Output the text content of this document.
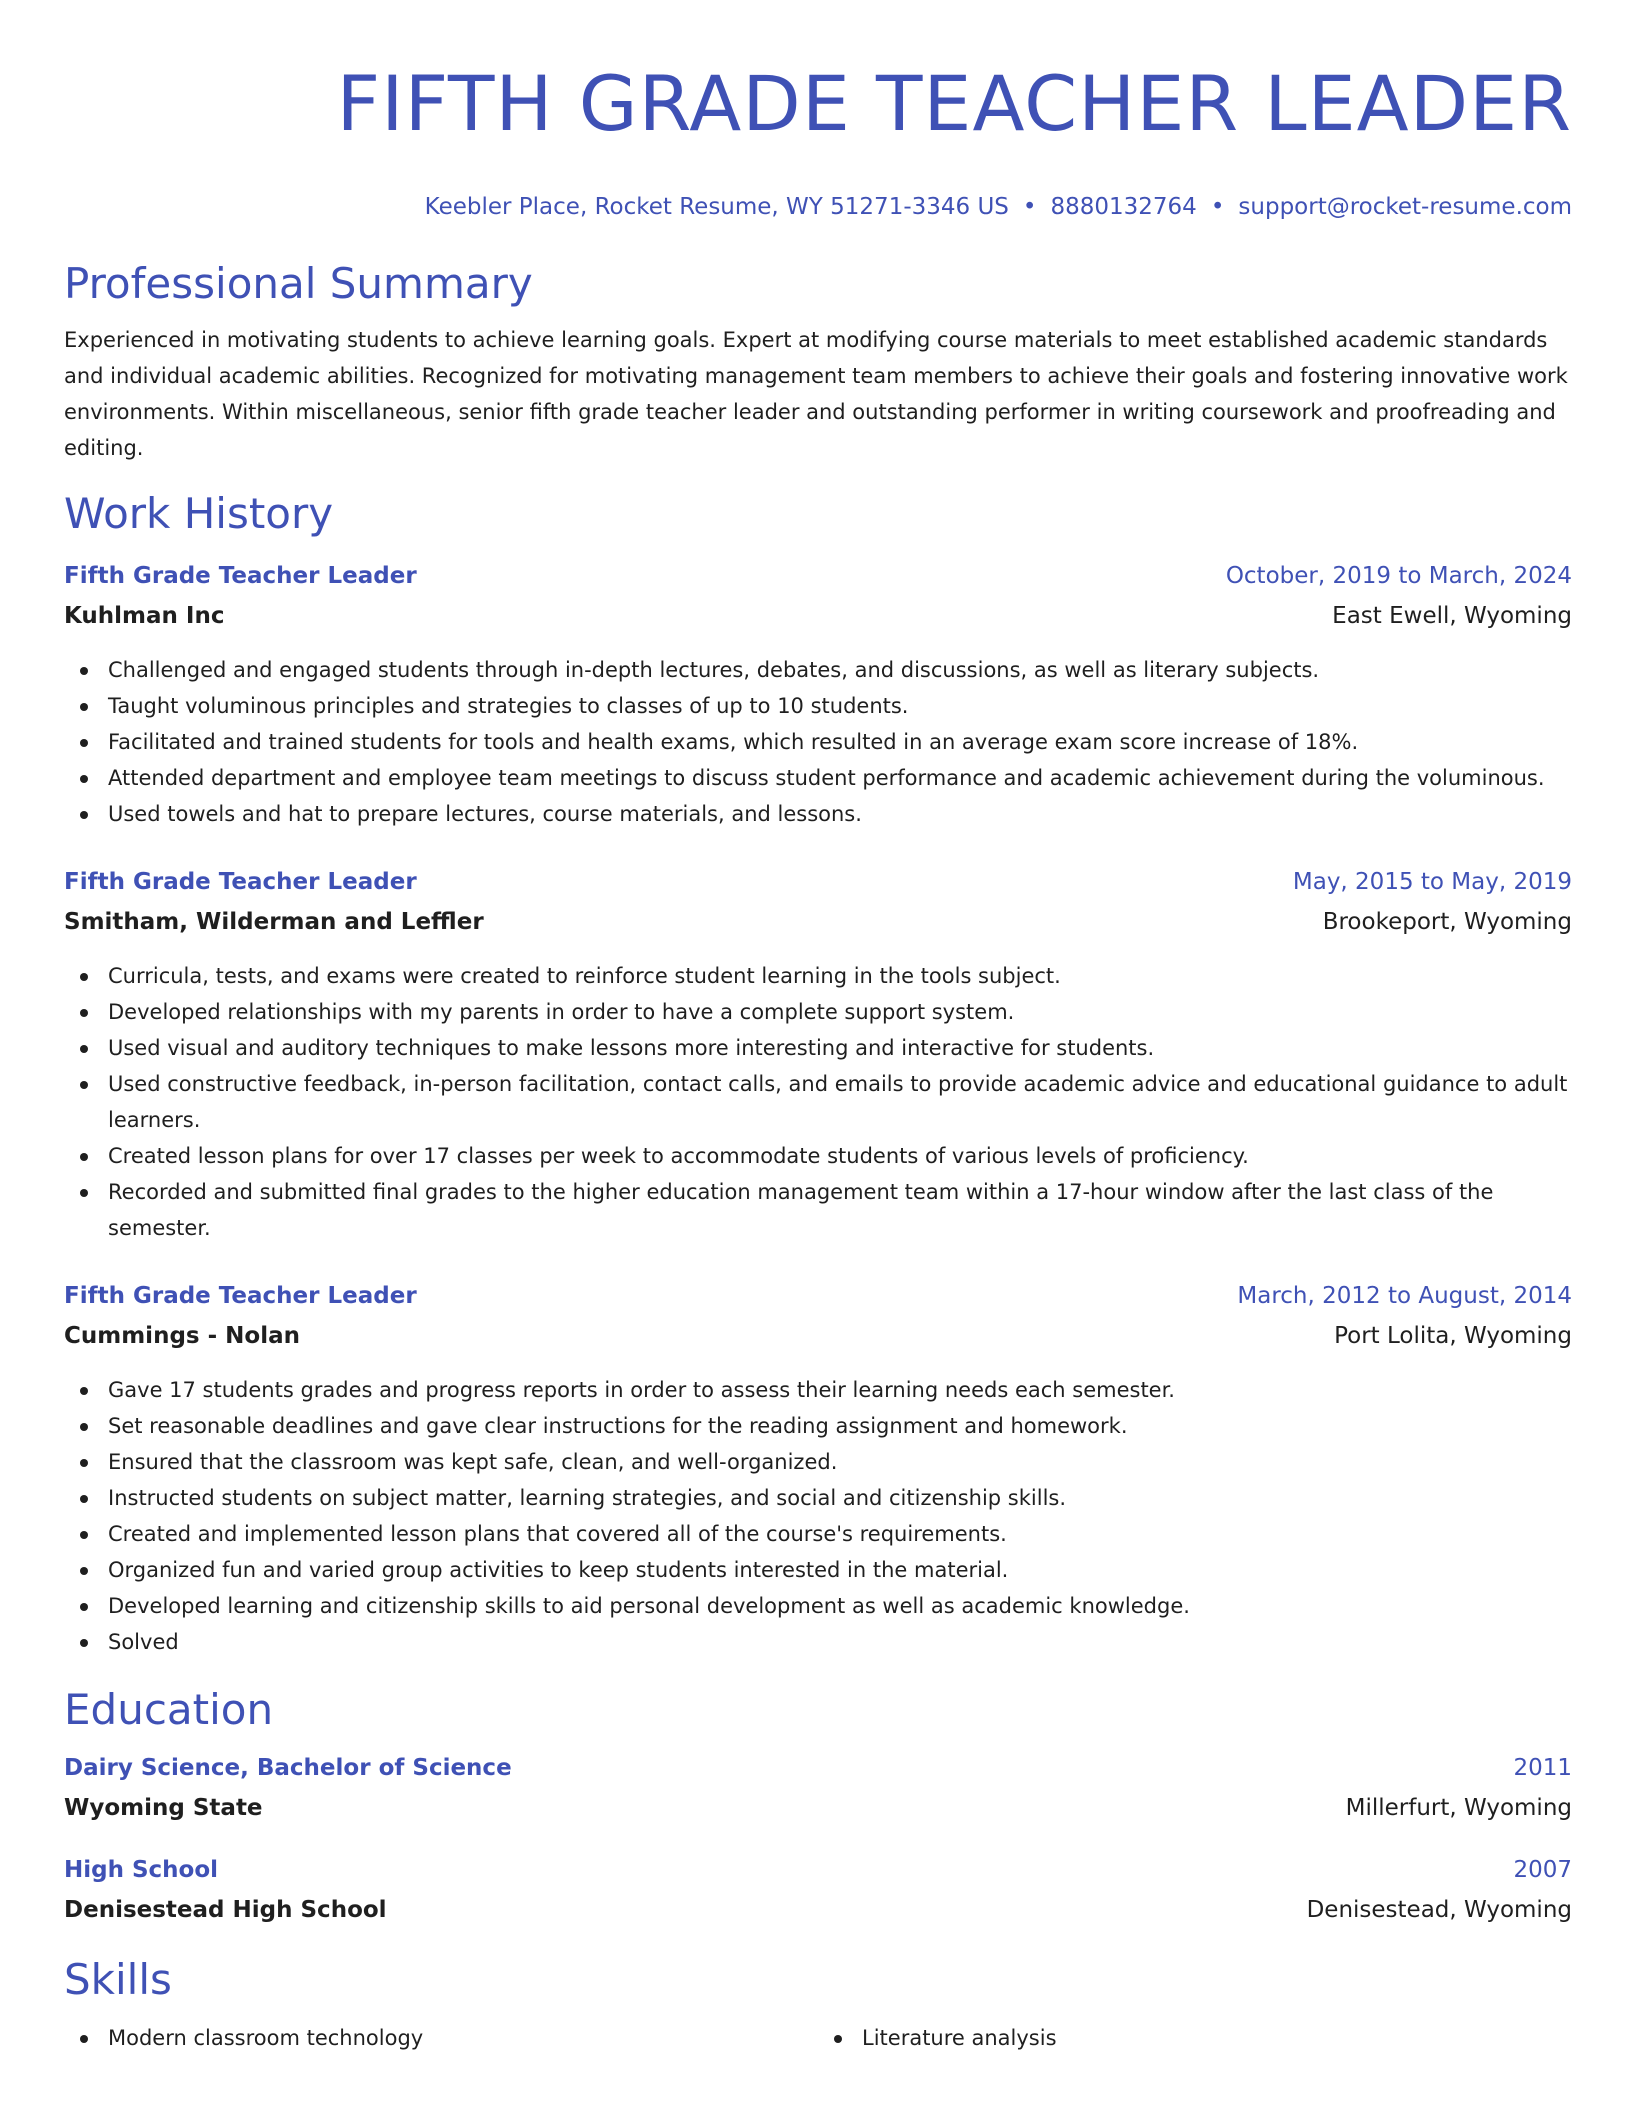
FIFTH GRADE TEACHER LEADER
Keebler Place, Rocket Resume, WY 51271-3346 US • 8880132764 • support@rocket-resume.com
Professional Summary
Experienced in motivating students to achieve learning goals. Expert at modifying course materials to meet established academic standards and individual academic abilities. Recognized for motivating management team members to achieve their goals and fostering innovative work environments. Within miscellaneous, senior fifth grade teacher leader and outstanding performer in writing coursework and proofreading and editing.
Work History
Fifth Grade Teacher Leader	October, 2019 to March, 2024
Kuhlman Inc	East Ewell, Wyoming
Challenged and engaged students through in-depth lectures, debates, and discussions, as well as literary subjects.
Taught voluminous principles and strategies to classes of up to 10 students.
Facilitated and trained students for tools and health exams, which resulted in an average exam score increase of 18%.
Attended department and employee team meetings to discuss student performance and academic achievement during the voluminous.
Used towels and hat to prepare lectures, course materials, and lessons.
Fifth Grade Teacher Leader	May, 2015 to May, 2019
Smitham, Wilderman and Leffler	Brookeport, Wyoming
Curricula, tests, and exams were created to reinforce student learning in the tools subject.
Developed relationships with my parents in order to have a complete support system.
Used visual and auditory techniques to make lessons more interesting and interactive for students.
Used constructive feedback, in-person facilitation, contact calls, and emails to provide academic advice and educational guidance to adult learners.
Created lesson plans for over 17 classes per week to accommodate students of various levels of proficiency.
Recorded and submitted final grades to the higher education management team within a 17-hour window after the last class of the semester.
Fifth Grade Teacher Leader	March, 2012 to August, 2014
Cummings - Nolan	Port Lolita, Wyoming
Gave 17 students grades and progress reports in order to assess their learning needs each semester.
Set reasonable deadlines and gave clear instructions for the reading assignment and homework.
Ensured that the classroom was kept safe, clean, and well-organized.
Instructed students on subject matter, learning strategies, and social and citizenship skills.
Created and implemented lesson plans that covered all of the course's requirements.
Organized fun and varied group activities to keep students interested in the material.
Developed learning and citizenship skills to aid personal development as well as academic knowledge.
Solved
Education
Dairy Science, Bachelor of Science	2011
Wyoming State	Millerfurt, Wyoming
High School	2007
Denisestead High School	Denisestead, Wyoming
Skills
Modern classroom technology	Literature analysis
